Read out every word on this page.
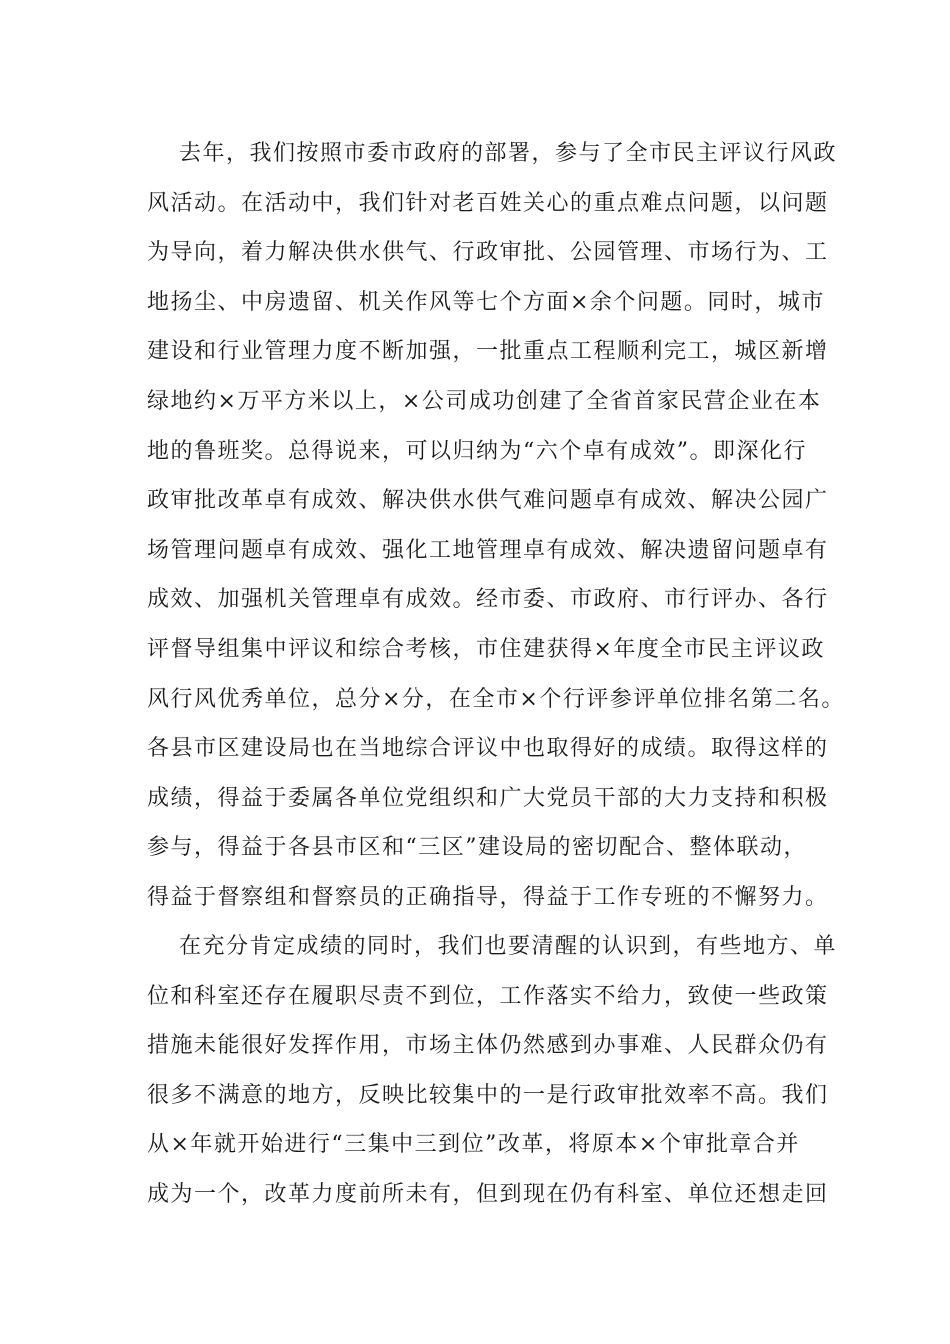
去年，我们按照市委市政府的部署，参与了全市民主评议行风政
风活动。在活动中，我们针对老百姓关心的重点难点问题，以问题
为导向，着力解决供水供气、行政审批、公园管理、市场行为、工
地扬尘、中房遗留、机关作风等七个方面×余个问题。同时，城市
建设和行业管理力度不断加强，一批重点工程顺利完工，城区新增
绿地约×万平方米以上，×公司成功创建了全省首家民营企业在本
地的鲁班奖。总得说来，可以归纳为“六个卓有成效”。即深化行
政审批改革卓有成效、解决供水供气难问题卓有成效、解决公园广
场管理问题卓有成效、强化工地管理卓有成效、解决遗留问题卓有
成效、加强机关管理卓有成效。经市委、市政府、市行评办、各行
评督导组集中评议和综合考核，市住建获得×年度全市民主评议政
风行风优秀单位，总分×分，在全市×个行评参评单位排名第二名。
各县市区建设局也在当地综合评议中也取得好的成绩。取得这样的
成绩，得益于委属各单位党组织和广大党员干部的大力支持和积极
参与，得益于各县市区和“三区”建设局的密切配合、整体联动，
得益于督察组和督察员的正确指导，得益于工作专班的不懈努力。
在充分肯定成绩的同时，我们也要清醒的认识到，有些地方、单
位和科室还存在履职尽责不到位，工作落实不给力，致使一些政策
措施未能很好发挥作用，市场主体仍然感到办事难、人民群众仍有
很多不满意的地方，反映比较集中的一是行政审批效率不高。我们
从×年就开始进行“三集中三到位”改革，将原本×个审批章合并
成为一个，改革力度前所未有，但到现在仍有科室、单位还想走回
